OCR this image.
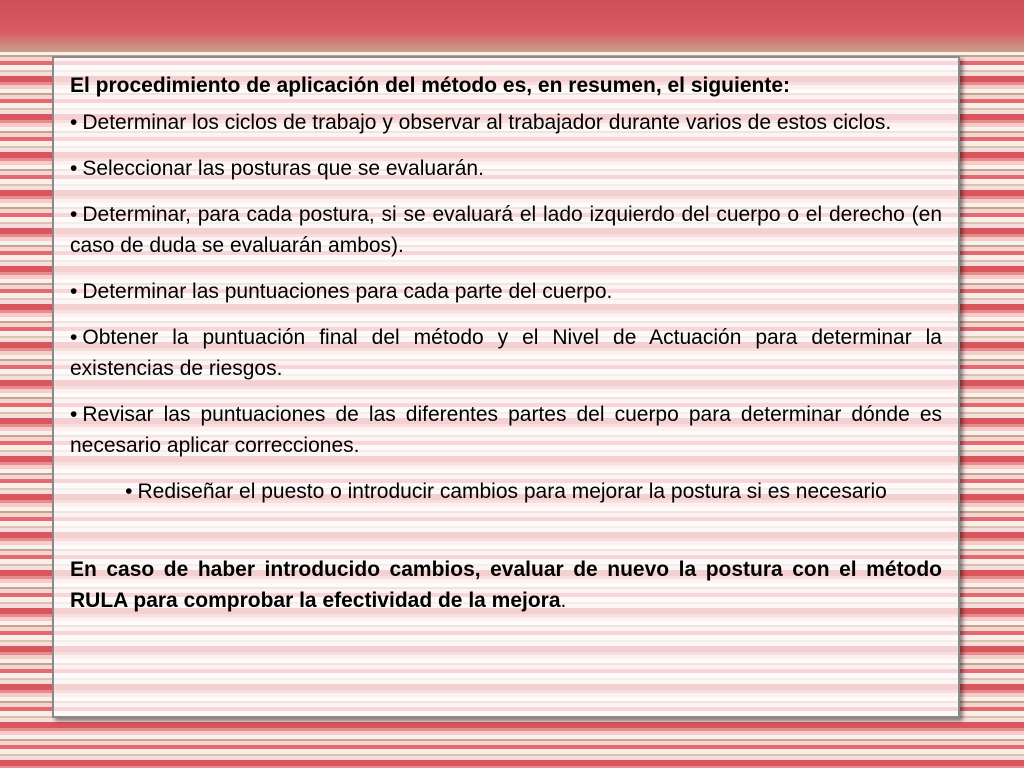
El procedimiento de aplicación del método es, en resumen, el siguiente:

• Determinar los ciclos de trabajo y observar al trabajador durante varios de estos ciclos.

• Seleccionar las posturas que se evaluarán.

• Determinar, para cada postura, si se evaluará el lado izquierdo del cuerpo o el derecho (en caso de duda se evaluarán ambos).

• Determinar las puntuaciones para cada parte del cuerpo.

• Obtener la puntuación final del método y el Nivel de Actuación para determinar la existencias de riesgos.

• Revisar las puntuaciones de las diferentes partes del cuerpo para determinar dónde es necesario aplicar correcciones.

• Rediseñar el puesto o introducir cambios para mejorar la postura si es necesario

En caso de haber introducido cambios, evaluar de nuevo la postura con el método RULA para comprobar la efectividad de la mejora.
